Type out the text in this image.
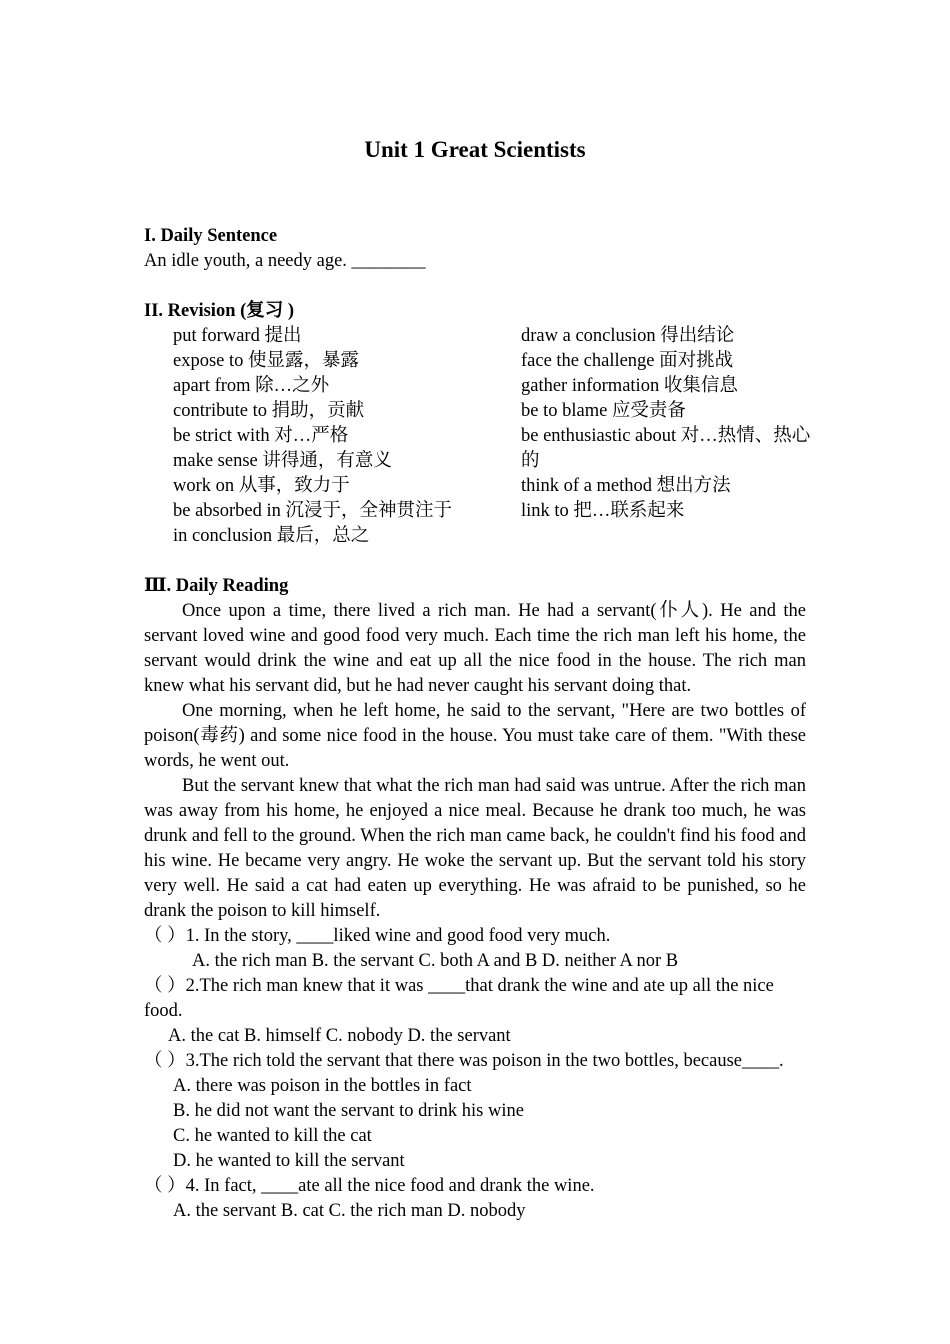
Unit 1 Great Scientists
I. Daily Sentence
An idle youth, a needy age. ________
II. Revision (复习 )
put forward 提出
expose to 使显露，暴露
apart from 除…之外
contribute to 捐助，贡献
be strict with 对…严格
make sense 讲得通，有意义
work on 从事，致力于
be absorbed in 沉浸于，全神贯注于
in conclusion 最后，总之
draw a conclusion 得出结论
face the challenge 面对挑战
gather information 收集信息
be to blame 应受责备
be enthusiastic about 对…热情、热心的
think of a method 想出方法
link to 把…联系起来
Ⅲ. Daily Reading

Once upon a time, there lived a rich man. He had a servant(仆人). He and the servant loved wine and good food very much. Each time the rich man left his home, the servant would drink the wine and eat up all the nice food in the house. The rich man knew what his servant did, but he had never caught his servant doing that.

One morning, when he left home, he said to the servant, "Here are two bottles of poison(毒药) and some nice food in the house. You must take care of them. "With these words, he went out.

But the servant knew that what the rich man had said was untrue. After the rich man was away from his home, he enjoyed a nice meal. Because he drank too much, he was drunk and fell to the ground. When the rich man came back, he couldn't find his food and his wine. He became very angry. He woke the servant up. But the servant told his story very well. He said a cat had eaten up everything. He was afraid to be punished, so he drank the poison to kill himself.

（ ）1. In the story, ____liked wine and good food very much.
A. the rich man B. the servant C. both A and B D. neither A nor B
（ ）2.The rich man knew that it was ____that drank the wine and ate up all the nice food.
A. the cat B. himself C. nobody D. the servant
（ ）3.The rich told the servant that there was poison in the two bottles, because____.
A. there was poison in the bottles in fact
B. he did not want the servant to drink his wine
C. he wanted to kill the cat
D. he wanted to kill the servant
（ ）4. In fact, ____ate all the nice food and drank the wine.
A. the servant B. cat C. the rich man D. nobody
